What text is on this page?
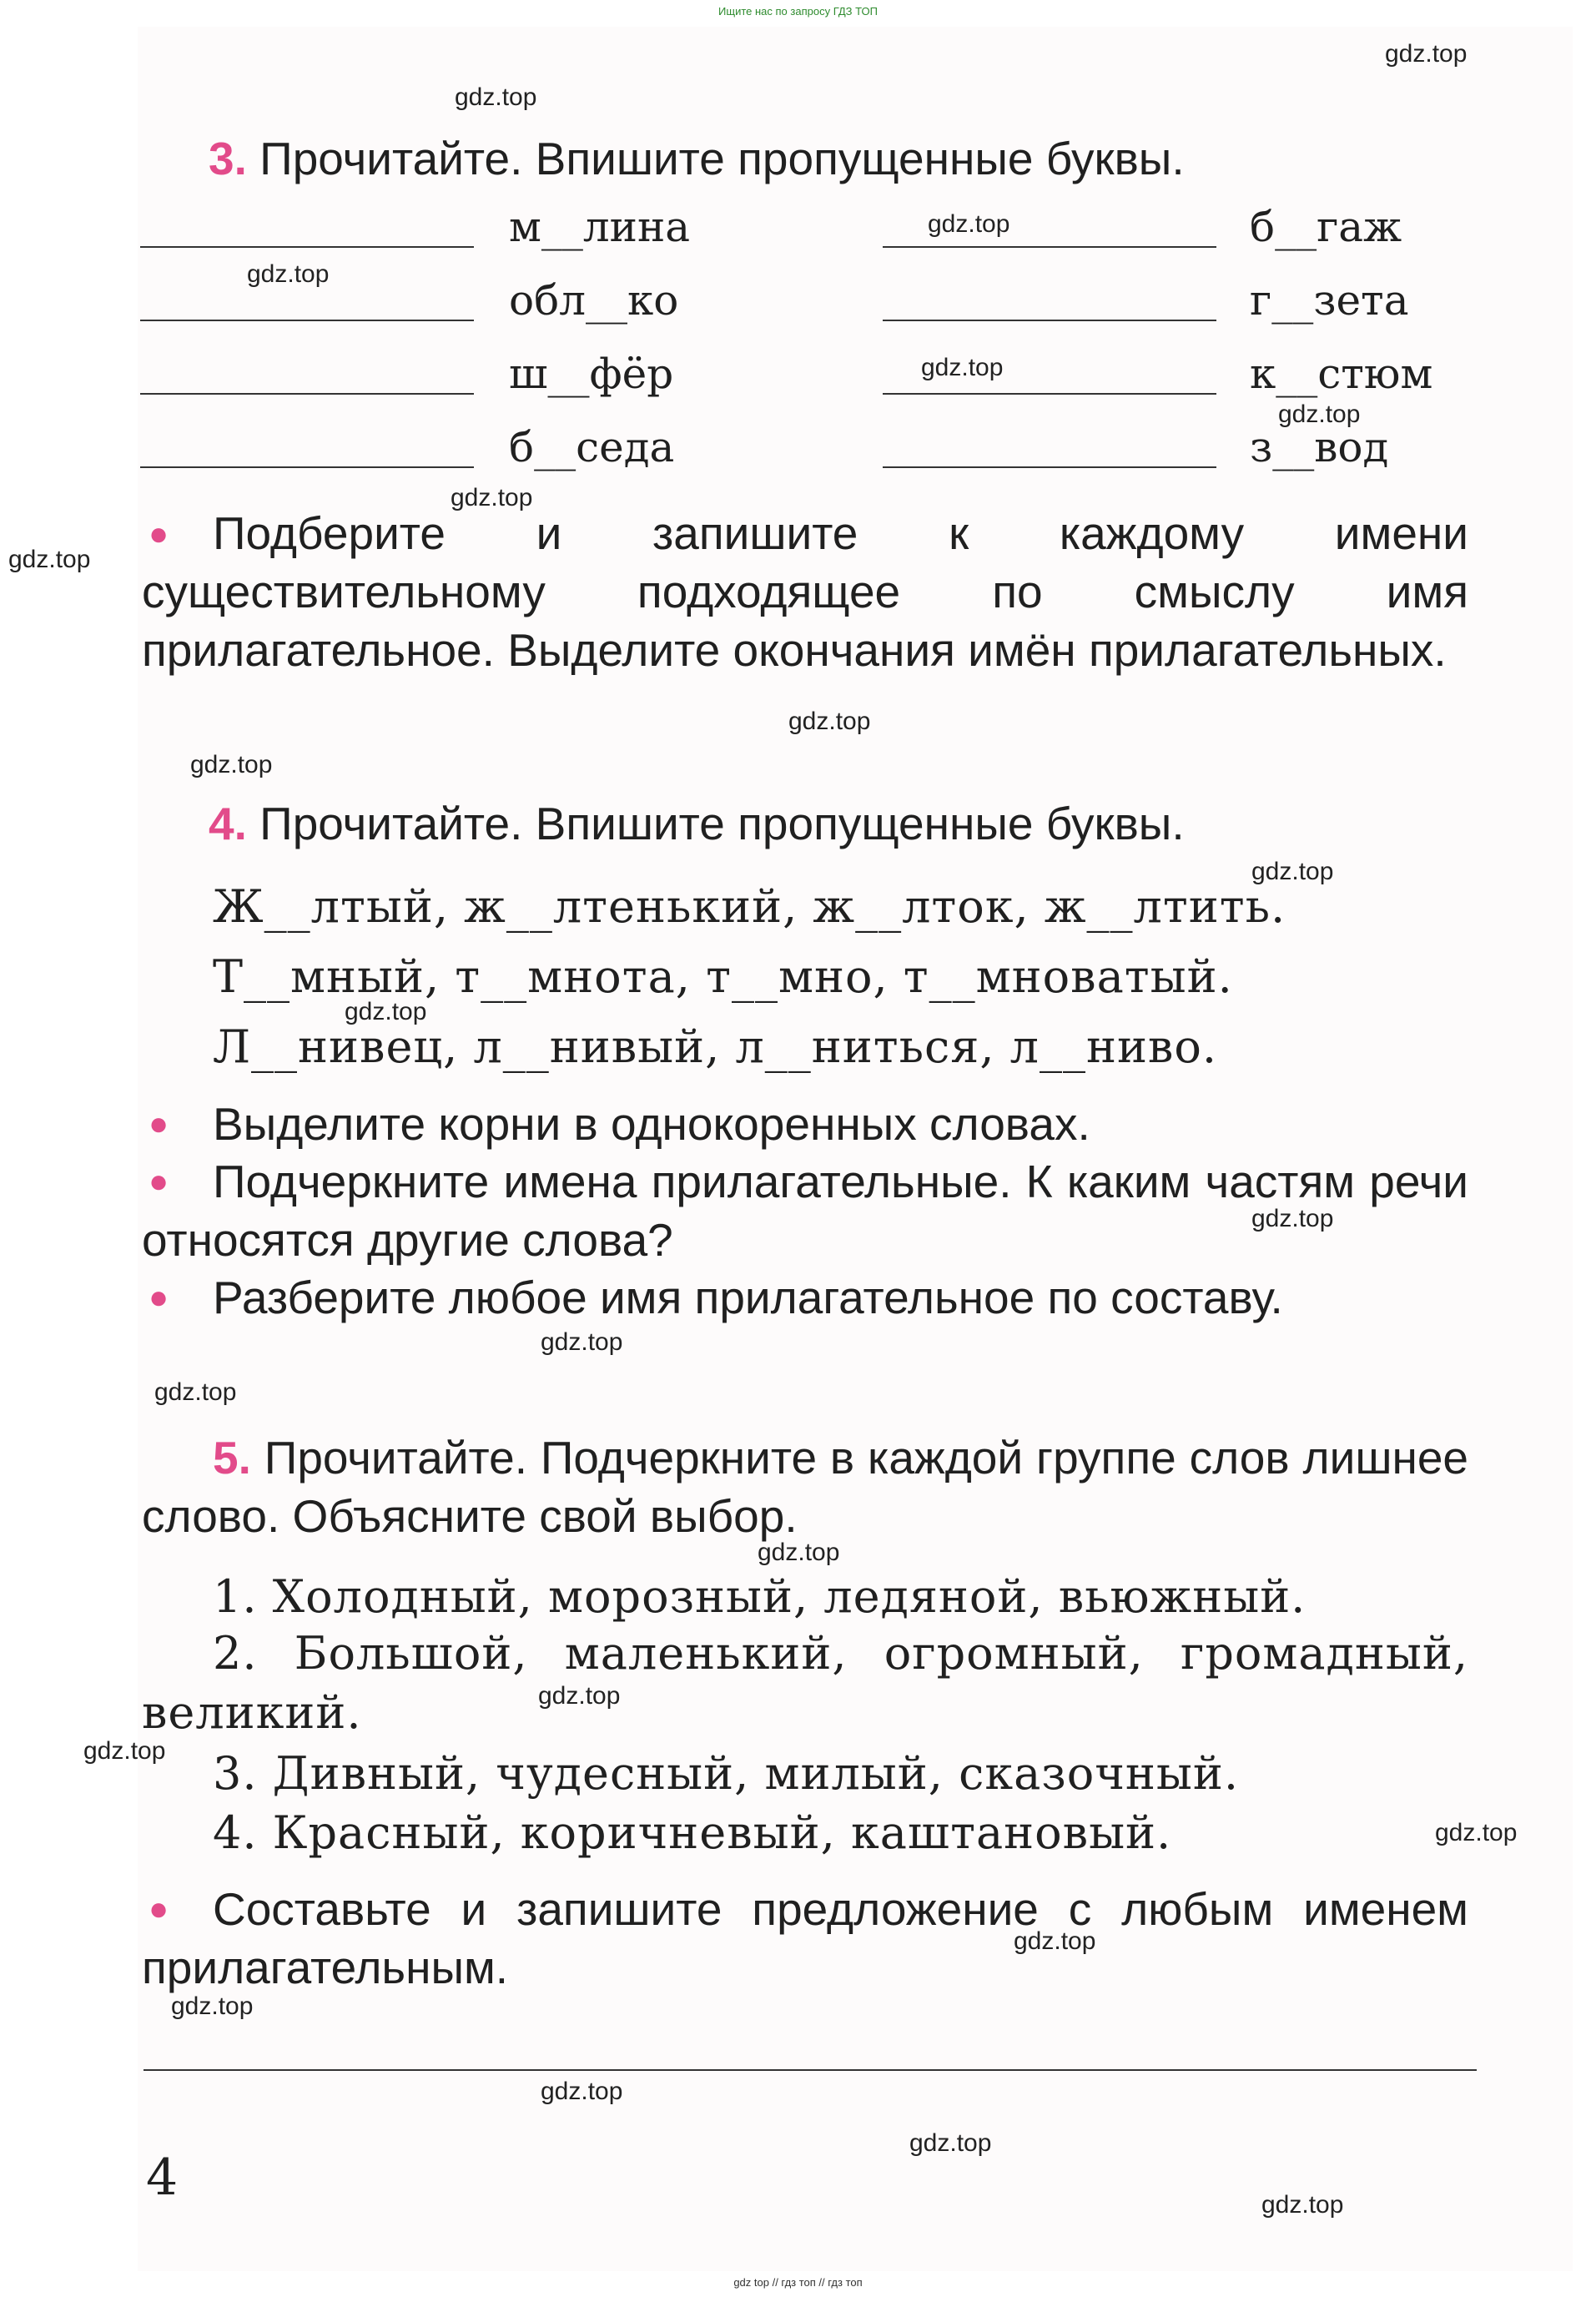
Ищите нас по запросу ГДЗ ТОП
gdz.top
gdz.top
gdz.top
gdz.top
gdz.top
gdz.top
gdz.top
gdz.top
gdz.top
gdz.top
gdz.top
gdz.top
gdz.top
gdz.top
gdz.top
gdz.top
gdz.top
gdz.top
gdz.top
gdz.top
gdz.top
gdz.top
gdz.top
gdz.top
3. Прочитайте. Впишите пропущенные буквы.
м__лина
обл__ко
ш__фёр
б__седа
б__гаж
г__зета
к__стюм
з__вод
● Подберите и запишите к каждому имени существительному подходящее по смыслу имя прилагательное. Выделите окончания имён прилагательных.
4. Прочитайте. Впишите пропущенные буквы.
Ж__лтый, ж__лтенький, ж__лток, ж__лтить.
Т__мный, т__мнота, т__мно, т__мноватый.
Л__нивец, л__нивый, л__ниться, л__ниво.
● Выделите корни в однокоренных словах.
● Подчеркните имена прилагательные. К каким частям речи относятся другие слова?
● Разберите любое имя прилагательное по составу.
5. Прочитайте. Подчеркните в каждой группе слов лишнее слово. Объясните свой выбор.
1. Холодный, морозный, ледяной, вьюжный.
2. Большой, маленький, огромный, громадный, великий.
3. Дивный, чудесный, милый, сказочный.
4. Красный, коричневый, каштановый.
● Составьте и запишите предложение с любым именем прилагательным.
4
gdz top // гдз топ // гдз топ
